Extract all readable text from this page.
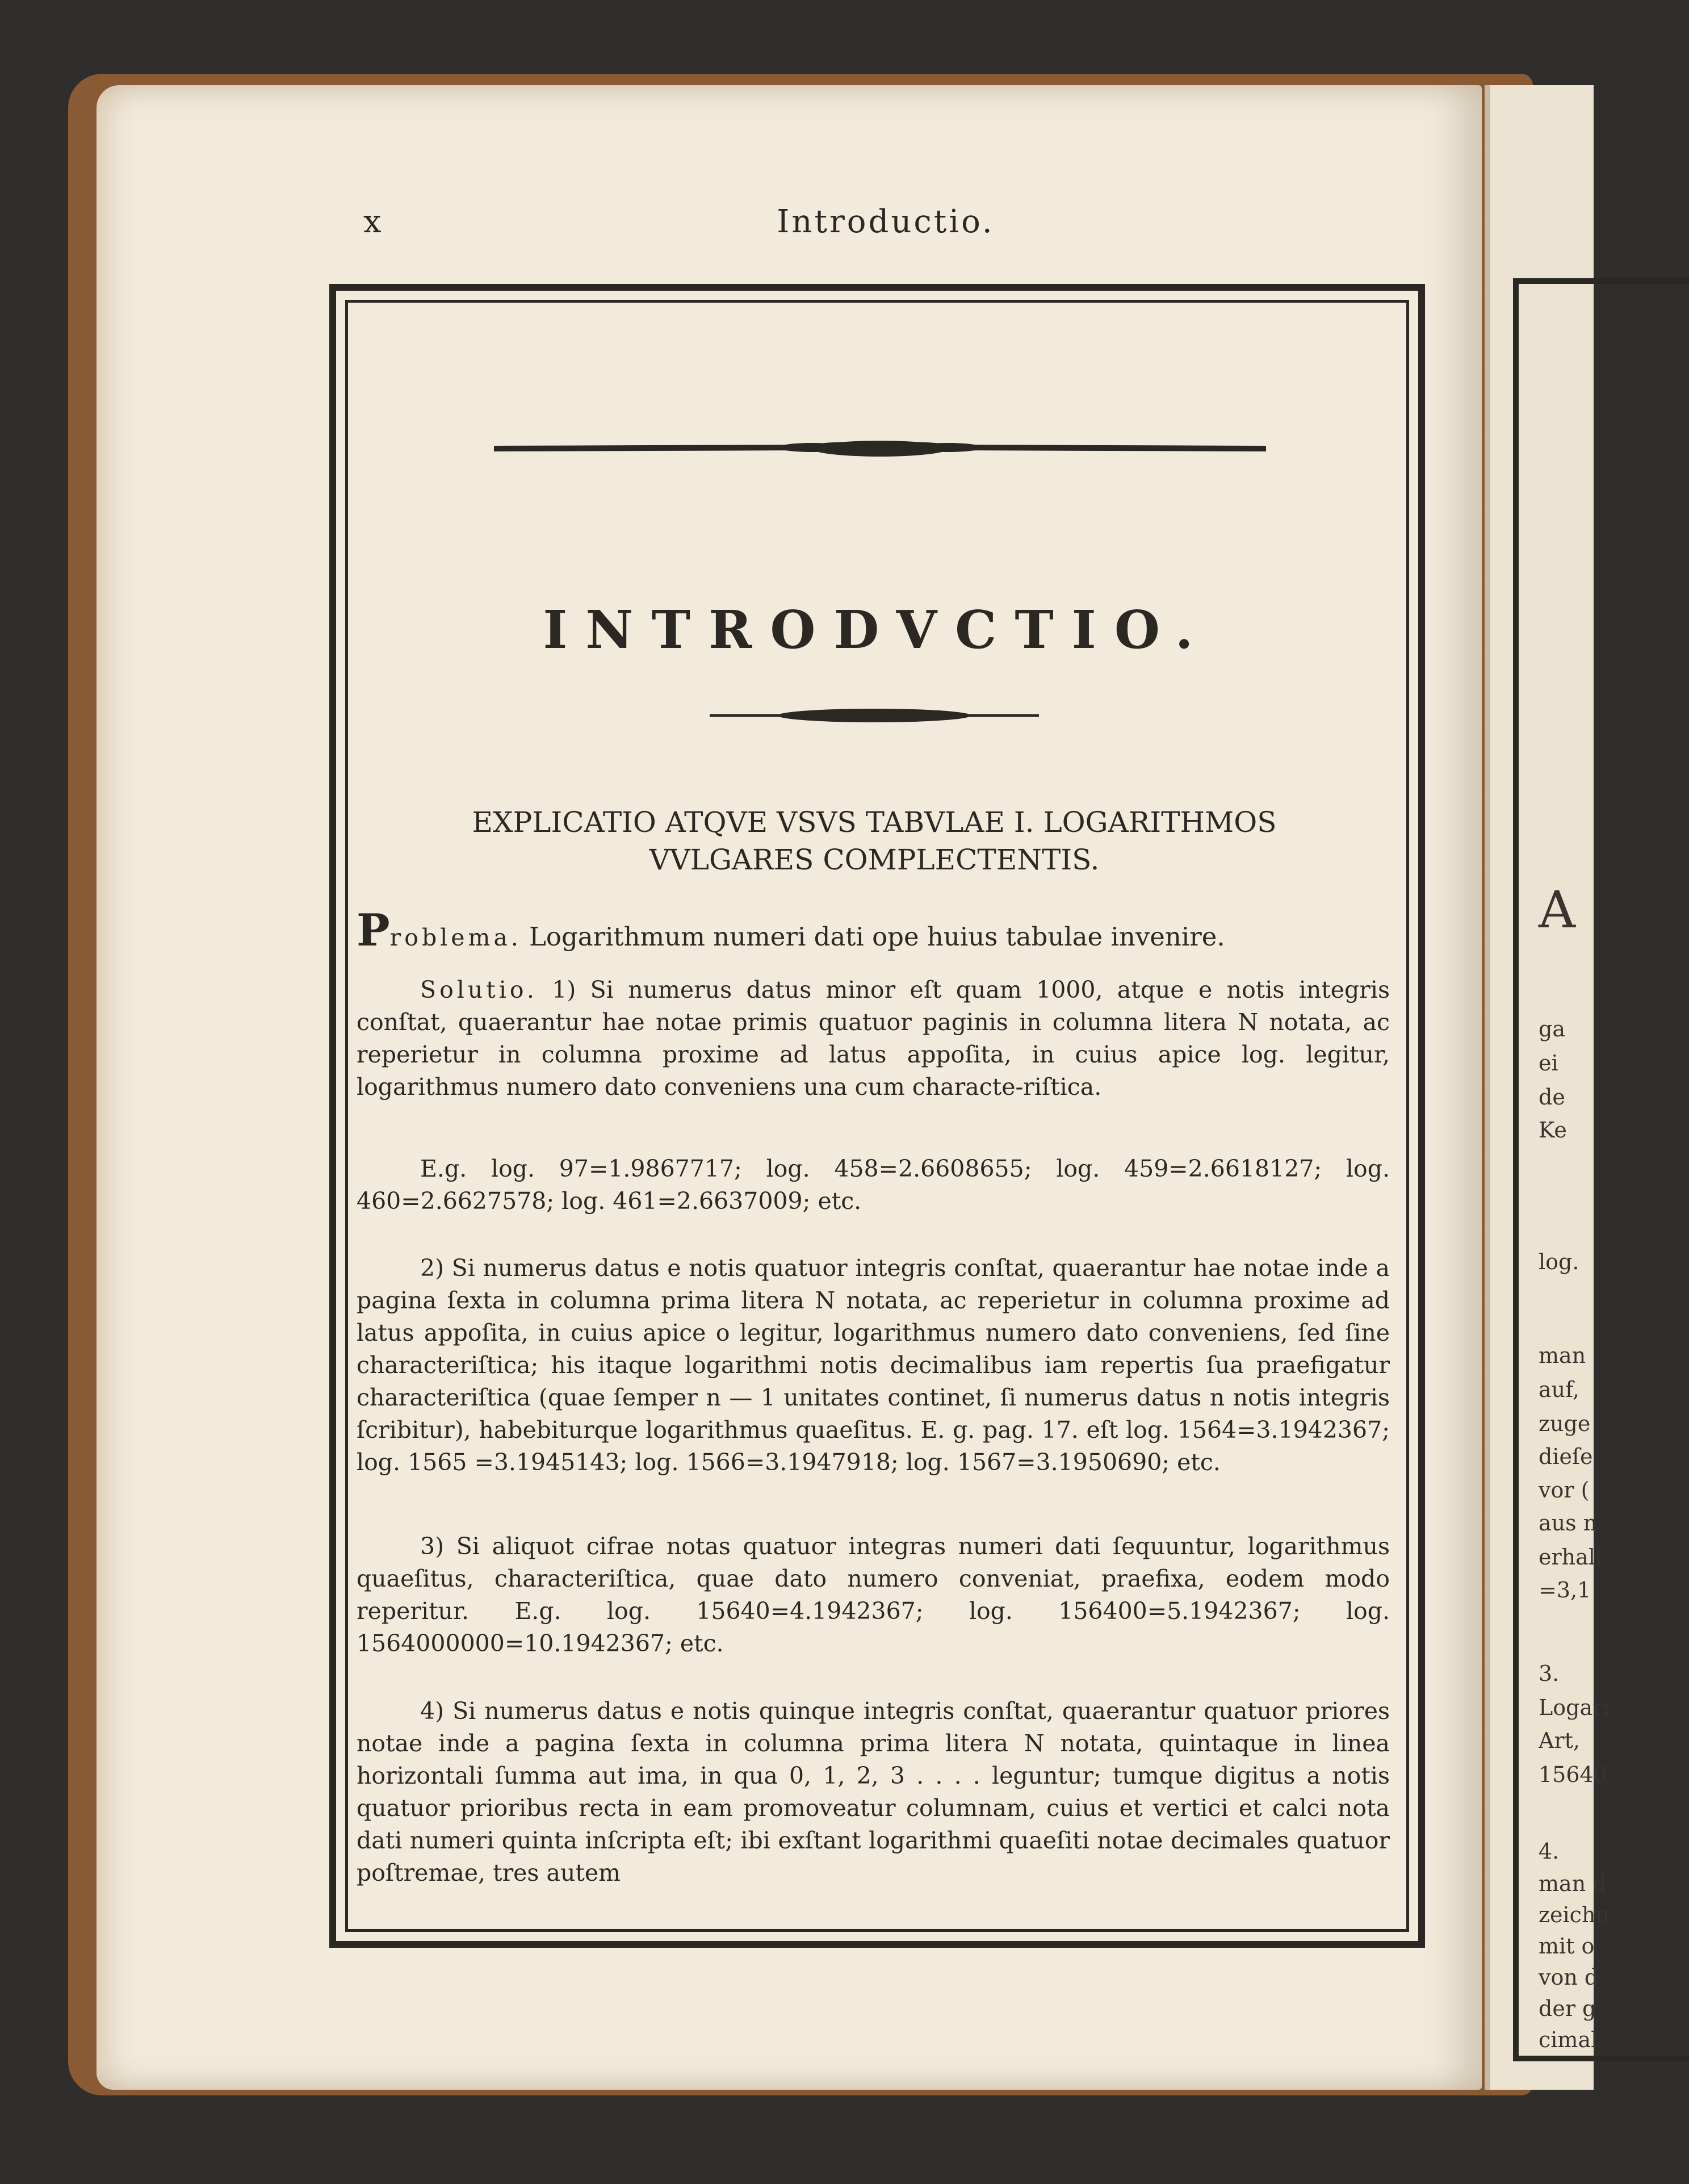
A
ga
ei
de
Ke
log.
man
auf,
zuge
dieſe
vor (
aus n
erhalt
=3,1
3.
Logari
Art,
15640
4.
man d
zeichn
mit o
von d
der g
cimal
x	Introductio.
INTRODVCTIO.
EXPLICATIO ATQVE VSVS TABVLAE I. LOGARITHMOS
VVLGARES COMPLECTENTIS.
Problema. Logarithmum numeri dati ope huius tabulae invenire.
Solutio. 1) Si numerus datus minor eſt quam 1000, atque e notis integris conſtat, quaerantur hae notae primis quatuor paginis in columna litera N notata, ac reperietur in columna proxime ad latus appoſita, in cuius apice log. legitur, logarithmus numero dato conveniens una cum characte-riſtica.
E.g. log. 97=1.9867717; log. 458=2.6608655; log. 459=2.6618127; log. 460=2.6627578; log. 461=2.6637009; etc.
2) Si numerus datus e notis quatuor integris conſtat, quaerantur hae notae inde a pagina ſexta in columna prima litera N notata, ac reperietur in columna proxime ad latus appoſita, in cuius apice o legitur, logarithmus numero dato conveniens, ſed ſine characteriſtica; his itaque logarithmi notis decimalibus iam repertis ſua praefigatur characteriſtica (quae ſemper n — 1 unitates continet, ſi numerus datus n notis integris ſcribitur), habebiturque logarithmus quaeſitus. E. g. pag. 17. eſt log. 1564=3.1942367; log. 1565 =3.1945143; log. 1566=3.1947918; log. 1567=3.1950690; etc.
3) Si aliquot cifrae notas quatuor integras numeri dati ſequuntur, logarithmus quaeſitus, characteriſtica, quae dato numero conveniat, praefixa, eodem modo reperitur. E.g. log. 15640=4.1942367; log. 156400=5.1942367; log. 1564000000=10.1942367; etc.
4) Si numerus datus e notis quinque integris conſtat, quaerantur quatuor priores notae inde a pagina ſexta in columna prima litera N notata, quintaque in linea horizontali ſumma aut ima, in qua 0, 1, 2, 3 . . . . leguntur; tumque digitus a notis quatuor prioribus recta in eam promoveatur columnam, cuius et vertici et calci nota dati numeri quinta inſcripta eſt; ibi exſtant logarithmi quaeſiti notae decimales quatuor poſtremae, tres autem
